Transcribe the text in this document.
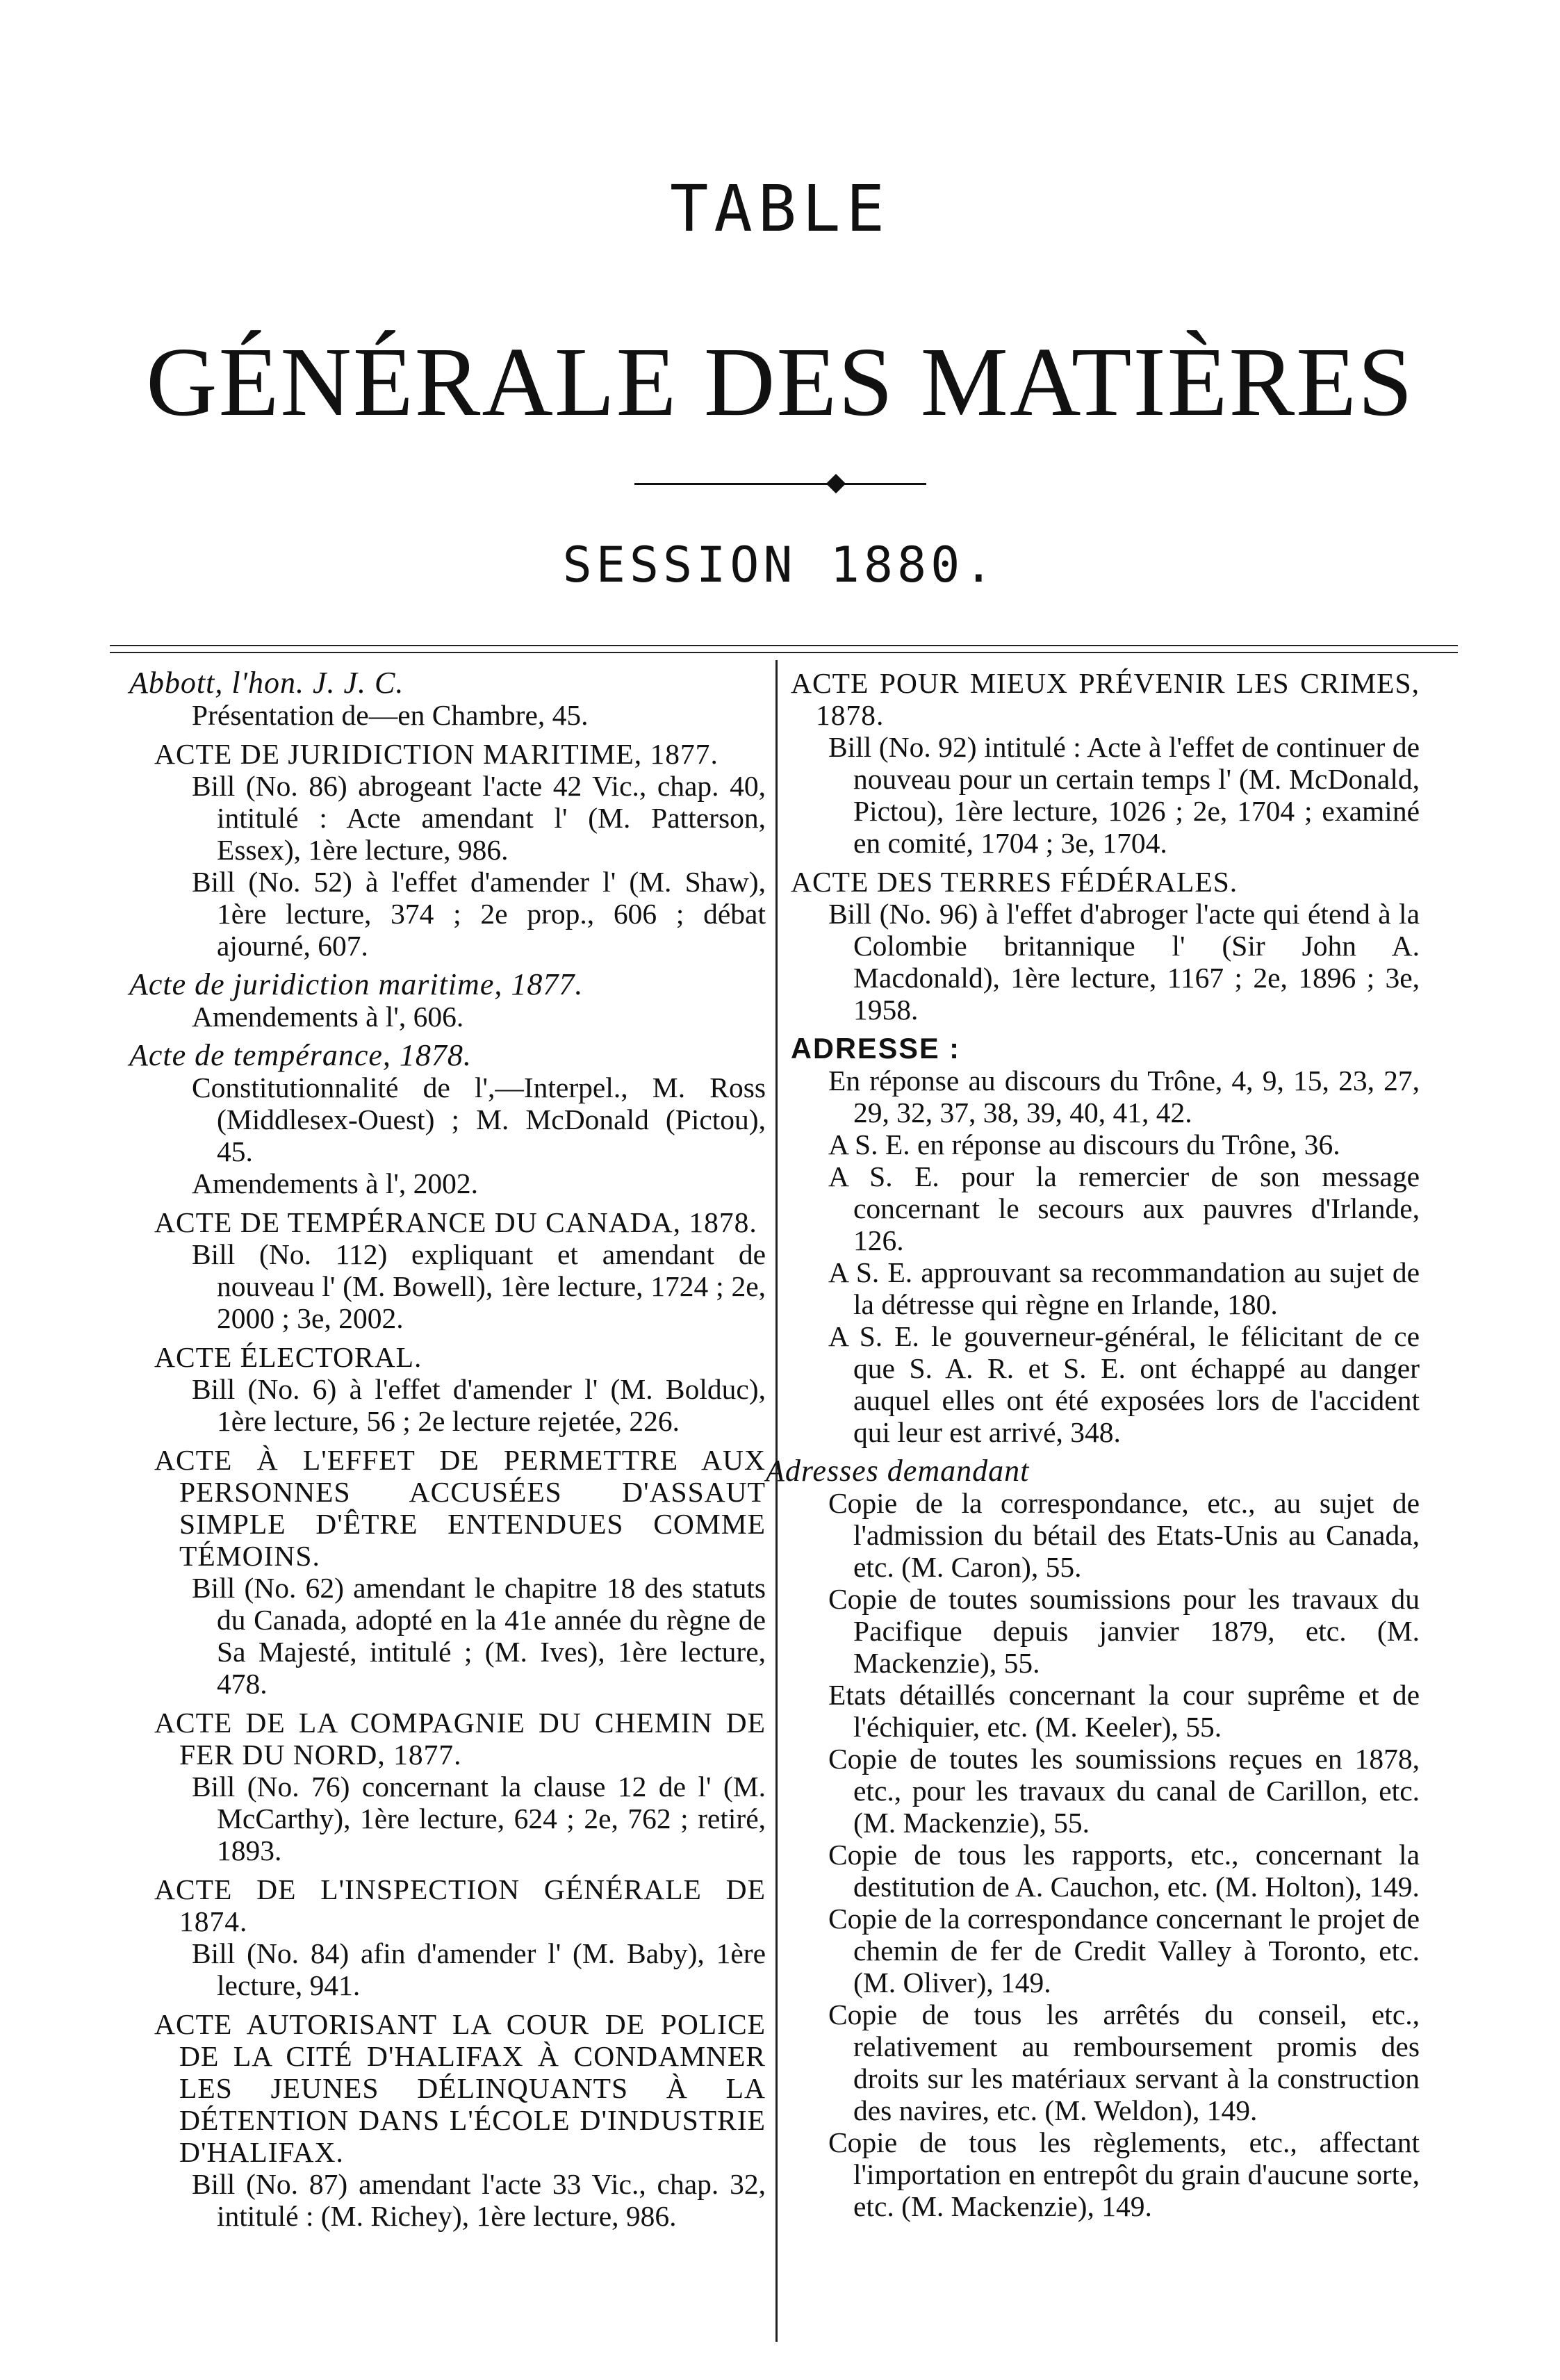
TABLE
GÉNÉRALE DES MATIÈRES
SESSION 1880.

Abbott, l'hon. J. J. C.

Présentation de—en Chambre, 45.

ACTE DE JURIDICTION MARITIME, 1877.

Bill (No. 86) abrogeant l'acte 42 Vic., chap. 40, intitulé : Acte amendant l' (M. Patterson, Essex), 1ère lecture, 986.

Bill (No. 52) à l'effet d'amender l' (M. Shaw), 1ère lecture, 374 ; 2e prop., 606 ; débat ajourné, 607.

Acte de juridiction maritime, 1877.

Amendements à l', 606.

Acte de tempérance, 1878.

Constitutionnalité de l',—Interpel., M. Ross (Middlesex-Ouest) ; M. McDonald (Pictou), 45.

Amendements à l', 2002.

ACTE DE TEMPÉRANCE DU CANADA, 1878.

Bill (No. 112) expliquant et amendant de nouveau l' (M. Bowell), 1ère lecture, 1724 ; 2e, 2000 ; 3e, 2002.

ACTE ÉLECTORAL.

Bill (No. 6) à l'effet d'amender l' (M. Bolduc), 1ère lecture, 56 ; 2e lecture rejetée, 226.

ACTE À L'EFFET DE PERMETTRE AUX PERSONNES ACCUSÉES D'ASSAUT SIMPLE D'ÊTRE ENTENDUES COMME TÉMOINS.

Bill (No. 62) amendant le chapitre 18 des statuts du Canada, adopté en la 41e année du règne de Sa Majesté, intitulé ; (M. Ives), 1ère lecture, 478.

ACTE DE LA COMPAGNIE DU CHEMIN DE FER DU NORD, 1877.

Bill (No. 76) concernant la clause 12 de l' (M. McCarthy), 1ère lecture, 624 ; 2e, 762 ; retiré, 1893.

ACTE DE L'INSPECTION GÉNÉRALE DE 1874.

Bill (No. 84) afin d'amender l' (M. Baby), 1ère lecture, 941.

ACTE AUTORISANT LA COUR DE POLICE DE LA CITÉ D'HALIFAX À CONDAMNER LES JEUNES DÉLINQUANTS À LA DÉTENTION DANS L'ÉCOLE D'INDUSTRIE D'HALIFAX.

Bill (No. 87) amendant l'acte 33 Vic., chap. 32, intitulé : (M. Richey), 1ère lecture, 986.

ACTE POUR MIEUX PRÉVENIR LES CRIMES, 1878.

Bill (No. 92) intitulé : Acte à l'effet de continuer de nouveau pour un certain temps l' (M. McDonald, Pictou), 1ère lecture, 1026 ; 2e, 1704 ; examiné en comité, 1704 ; 3e, 1704.

ACTE DES TERRES FÉDÉRALES.

Bill (No. 96) à l'effet d'abroger l'acte qui étend à la Colombie britannique l' (Sir John A. Macdonald), 1ère lecture, 1167 ; 2e, 1896 ; 3e, 1958.

ADRESSE :

En réponse au discours du Trône, 4, 9, 15, 23, 27, 29, 32, 37, 38, 39, 40, 41, 42.

A S. E. en réponse au discours du Trône, 36.

A S. E. pour la remercier de son message concernant le secours aux pauvres d'Irlande, 126.

A S. E. approuvant sa recommandation au sujet de la détresse qui règne en Irlande, 180.

A S. E. le gouverneur-général, le félicitant de ce que S. A. R. et S. E. ont échappé au danger auquel elles ont été exposées lors de l'accident qui leur est arrivé, 348.

Adresses demandant

Copie de la correspondance, etc., au sujet de l'admission du bétail des Etats-Unis au Canada, etc. (M. Caron), 55.

Copie de toutes soumissions pour les travaux du Pacifique depuis janvier 1879, etc. (M. Mackenzie), 55.

Etats détaillés concernant la cour suprême et de l'échiquier, etc. (M. Keeler), 55.

Copie de toutes les soumissions reçues en 1878, etc., pour les travaux du canal de Carillon, etc. (M. Mackenzie), 55.

Copie de tous les rapports, etc., concernant la destitution de A. Cauchon, etc. (M. Holton), 149.

Copie de la correspondance concernant le projet de chemin de fer de Credit Valley à Toronto, etc. (M. Oliver), 149.

Copie de tous les arrêtés du conseil, etc., relativement au remboursement promis des droits sur les matériaux servant à la construction des navires, etc. (M. Weldon), 149.

Copie de tous les règlements, etc., affectant l'importation en entrepôt du grain d'aucune sorte, etc. (M. Mackenzie), 149.
